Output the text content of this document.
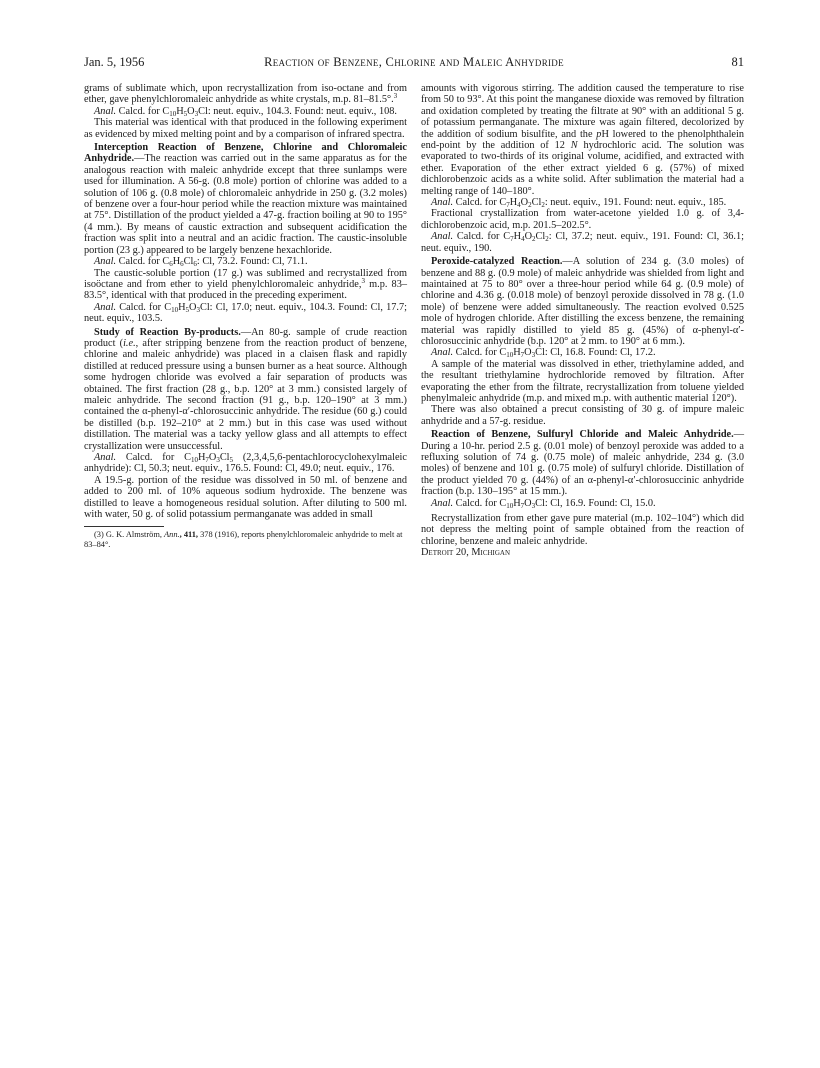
Jan. 5, 1956	Reaction of Benzene, Chlorine and Maleic Anhydride	81

grams of sublimate which, upon recrystallization from iso-octane and from ether, gave phenylchloromaleic anhydride as white crystals, m.p. 81–81.5°.$^3$

Anal. Calcd. for $C_{10}H_5O_3Cl$: neut. equiv., 104.3. Found: neut. equiv., 108.

This material was identical with that produced in the following experiment as evidenced by mixed melting point and by a comparison of infrared spectra.

Interception Reaction of Benzene, Chlorine and Chloromaleic Anhydride.—The reaction was carried out in the same apparatus as for the analogous reaction with maleic anhydride except that three sunlamps were used for illumination. A 56-g. (0.8 mole) portion of chlorine was added to a solution of 106 g. (0.8 mole) of chloromaleic anhydride in 250 g. (3.2 moles) of benzene over a four-hour period while the reaction mixture was maintained at 75°. Distillation of the product yielded a 47-g. fraction boiling at 90 to 195° (4 mm.). By means of caustic extraction and subsequent acidification the fraction was split into a neutral and an acidic fraction. The caustic-insoluble portion (23 g.) appeared to be largely benzene hexachloride.

Anal. Calcd. for $C_6H_6Cl_6$: Cl, 73.2. Found: Cl, 71.1.

The caustic-soluble portion (17 g.) was sublimed and recrystallized from isoöctane and from ether to yield phenylchloromaleic anhydride,$^3$ m.p. 83–83.5°, identical with that produced in the preceding experiment.

Anal. Calcd. for $C_{10}H_5O_3Cl$: Cl, 17.0; neut. equiv., 104.3. Found: Cl, 17.7; neut. equiv., 103.5.

Study of Reaction By-products.—An 80-g. sample of crude reaction product (i.e., after stripping benzene from the reaction product of benzene, chlorine and maleic anhydride) was placed in a claisen flask and rapidly distilled at reduced pressure using a bunsen burner as a heat source. Although some hydrogen chloride was evolved a fair separation of products was obtained. The first fraction (28 g., b.p. 120° at 3 mm.) consisted largely of maleic anhydride. The second fraction (91 g., b.p. 120–190° at 3 mm.) contained the α-phenyl-α′-chlorosuccinic anhydride. The residue (60 g.) could be distilled (b.p. 192–210° at 2 mm.) but in this case was used without distillation. The material was a tacky yellow glass and all attempts to effect crystallization were unsuccessful.

Anal. Calcd. for $C_{10}H_7O_3Cl_5$ (2,3,4,5,6-pentachlorocyclohexylmaleic anhydride): Cl, 50.3; neut. equiv., 176.5. Found: Cl, 49.0; neut. equiv., 176.

A 19.5-g. portion of the residue was dissolved in 50 ml. of benzene and added to 200 ml. of 10% aqueous sodium hydroxide. The benzene was distilled to leave a homogeneous residual solution. After diluting to 500 ml. with water, 50 g. of solid potassium permanganate was added in small

(3) G. K. Almström, Ann., 411, 378 (1916), reports phenylchloromaleic anhydride to melt at 83–84°.

amounts with vigorous stirring. The addition caused the temperature to rise from 50 to 93°. At this point the manganese dioxide was removed by filtration and oxidation completed by treating the filtrate at 90° with an additional 5 g. of potassium permanganate. The mixture was again filtered, decolorized by the addition of sodium bisulfite, and the pH lowered to the phenolphthalein end-point by the addition of 12 N hydrochloric acid. The solution was evaporated to two-thirds of its original volume, acidified, and extracted with ether. Evaporation of the ether extract yielded 6 g. (57%) of mixed dichlorobenzoic acids as a white solid. After sublimation the material had a melting range of 140–180°.

Anal. Calcd. for $C_7H_4O_2Cl_2$: neut. equiv., 191. Found: neut. equiv., 185.

Fractional crystallization from water-acetone yielded 1.0 g. of 3,4-dichlorobenzoic acid, m.p. 201.5–202.5°.

Anal. Calcd. for $C_7H_4O_2Cl_2$: Cl, 37.2; neut. equiv., 191. Found: Cl, 36.1; neut. equiv., 190.

Peroxide-catalyzed Reaction.—A solution of 234 g. (3.0 moles) of benzene and 88 g. (0.9 mole) of maleic anhydride was shielded from light and maintained at 75 to 80° over a three-hour period while 64 g. (0.9 mole) of chlorine and 4.36 g. (0.018 mole) of benzoyl peroxide dissolved in 78 g. (1.0 mole) of benzene were added simultaneously. The reaction evolved 0.525 mole of hydrogen chloride. After distilling the excess benzene, the remaining material was rapidly distilled to yield 85 g. (45%) of α-phenyl-α′-chlorosuccinic anhydride (b.p. 120° at 2 mm. to 190° at 6 mm.).

Anal. Calcd. for $C_{10}H_7O_3Cl$: Cl, 16.8. Found: Cl, 17.2.

A sample of the material was dissolved in ether, triethylamine added, and the resultant triethylamine hydrochloride removed by filtration. After evaporating the ether from the filtrate, recrystallization from toluene yielded phenylmaleic anhydride (m.p. and mixed m.p. with authentic material 120°).

There was also obtained a precut consisting of 30 g. of impure maleic anhydride and a 57-g. residue.

Reaction of Benzene, Sulfuryl Chloride and Maleic Anhydride.—During a 10-hr. period 2.5 g. (0.01 mole) of benzoyl peroxide was added to a refluxing solution of 74 g. (0.75 mole) of maleic anhydride, 234 g. (3.0 moles) of benzene and 101 g. (0.75 mole) of sulfuryl chloride. Distillation of the product yielded 70 g. (44%) of an α-phenyl-α′-chlorosuccinic anhydride fraction (b.p. 130–195° at 15 mm.).

Anal. Calcd. for $C_{10}H_7O_3Cl$: Cl, 16.9. Found: Cl, 15.0.

Recrystallization from ether gave pure material (m.p. 102–104°) which did not depress the melting point of sample obtained from the reaction of chlorine, benzene and maleic anhydride.

Detroit 20, Michigan
